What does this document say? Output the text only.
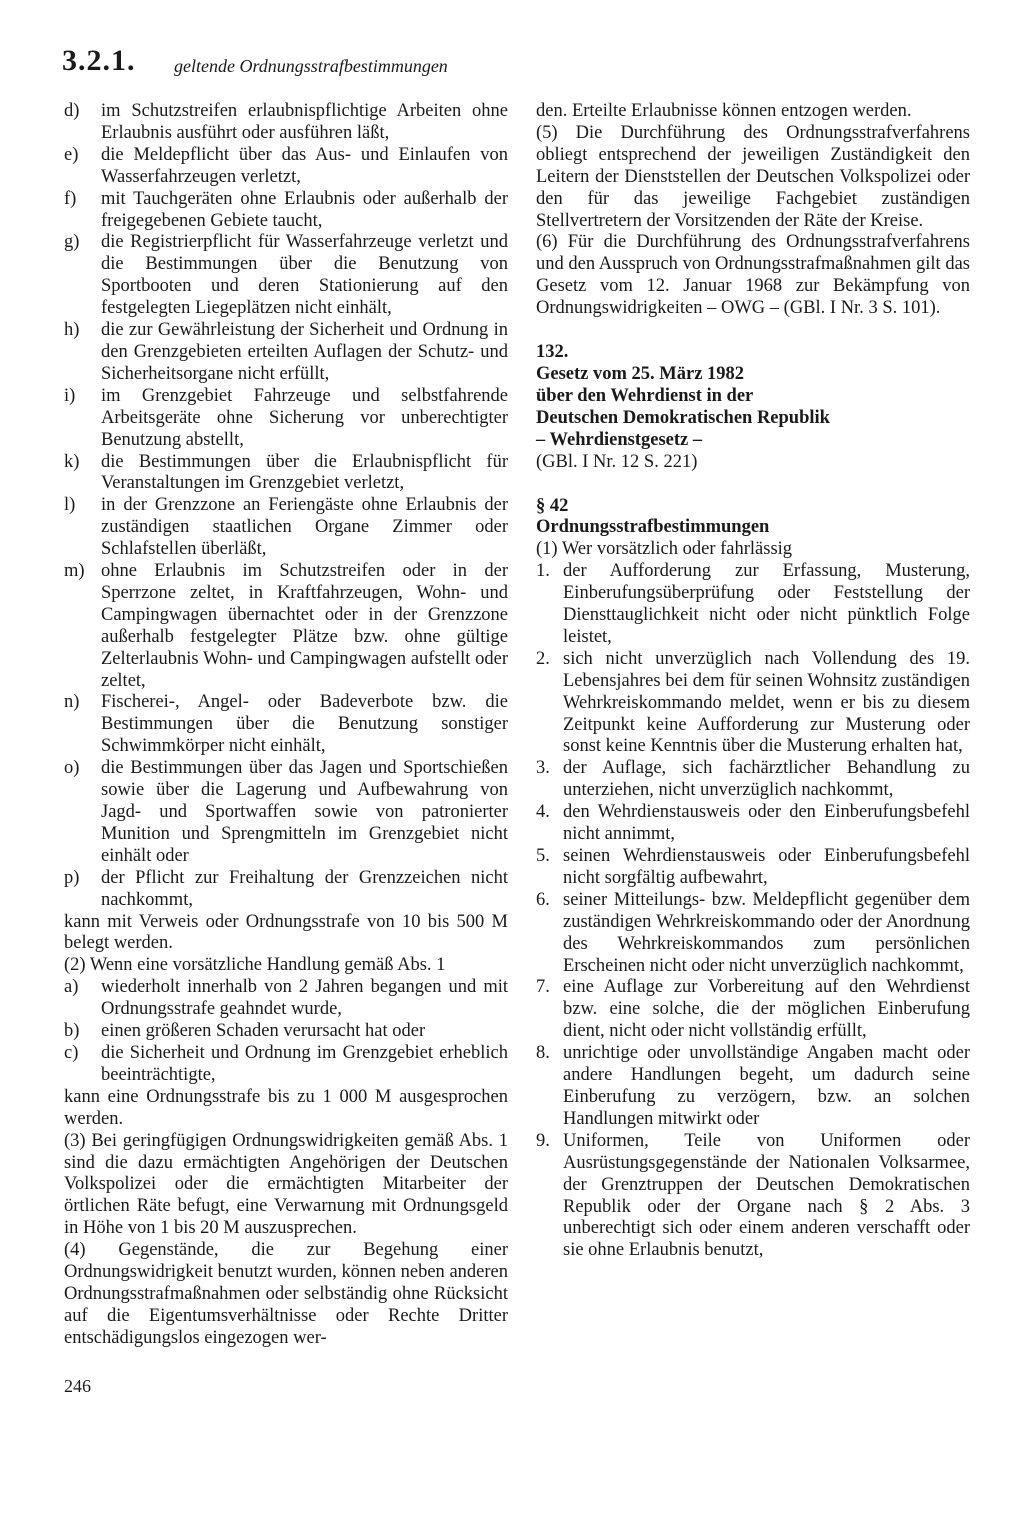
3.2.1. geltende Ordnungsstrafbestimmungen
d)	im Schutzstreifen erlaubnispflichtige Arbeiten ohne Erlaubnis ausführt oder ausführen läßt,
e)	die Meldepflicht über das Aus- und Einlaufen von Wasserfahrzeugen verletzt,
f)	mit Tauchgeräten ohne Erlaubnis oder außerhalb der freigegebenen Gebiete taucht,
g)	die Registrierpflicht für Wasserfahrzeuge verletzt und die Bestimmungen über die Benutzung von Sportbooten und deren Stationierung auf den festgelegten Liegeplätzen nicht einhält,
h)	die zur Gewährleistung der Sicherheit und Ordnung in den Grenzgebieten erteilten Auflagen der Schutz- und Sicherheitsorgane nicht erfüllt,
i)	im Grenzgebiet Fahrzeuge und selbstfahrende Arbeitsgeräte ohne Sicherung vor unberechtigter Benutzung abstellt,
k)	die Bestimmungen über die Erlaubnispflicht für Veranstaltungen im Grenzgebiet verletzt,
l)	in der Grenzzone an Feriengäste ohne Erlaubnis der zuständigen staatlichen Organe Zimmer oder Schlafstellen überläßt,
m) ohne Erlaubnis im Schutzstreifen oder in der Sperrzone zeltet, in Kraftfahrzeugen, Wohn- und Campingwagen übernachtet oder in der Grenzzone außerhalb festgelegter Plätze bzw. ohne gültige Zelterlaubnis Wohn- und Campingwagen aufstellt oder zeltet,
n)	Fischerei-, Angel- oder Badeverbote bzw. die Bestimmungen über die Benutzung sonstiger Schwimmkörper nicht einhält,
o)	die Bestimmungen über das Jagen und Sportschießen sowie über die Lagerung und Aufbewahrung von Jagd- und Sportwaffen sowie von patronierter Munition und Sprengmitteln im Grenzgebiet nicht einhält oder
p)	der Pflicht zur Freihaltung der Grenzzeichen nicht nachkommt,

kann mit Verweis oder Ordnungsstrafe von 10 bis 500 M belegt werden.

(2) Wenn eine vorsätzliche Handlung gemäß Abs. 1

a)	wiederholt innerhalb von 2 Jahren begangen und mit Ordnungsstrafe geahndet wurde,
b)	einen größeren Schaden verursacht hat oder
c)	die Sicherheit und Ordnung im Grenzgebiet erheblich beeinträchtigte,

kann eine Ordnungsstrafe bis zu 1 000 M ausgesprochen werden.

(3) Bei geringfügigen Ordnungswidrigkeiten gemäß Abs. 1 sind die dazu ermächtigten Angehörigen der Deutschen Volkspolizei oder die ermächtigten Mitarbeiter der örtlichen Räte befugt, eine Verwarnung mit Ordnungsgeld in Höhe von 1 bis 20 M auszusprechen.

(4) Gegenstände, die zur Begehung einer Ordnungswidrigkeit benutzt wurden, können neben anderen Ordnungsstrafmaßnahmen oder selbständig ohne Rücksicht auf die Eigentumsverhältnisse oder Rechte Dritter entschädigungslos eingezogen wer-

den. Erteilte Erlaubnisse können entzogen werden.

(5) Die Durchführung des Ordnungsstrafverfahrens obliegt entsprechend der jeweiligen Zuständigkeit den Leitern der Dienststellen der Deutschen Volkspolizei oder den für das jeweilige Fachgebiet zuständigen Stellvertretern der Vorsitzenden der Räte der Kreise.

(6) Für die Durchführung des Ordnungsstrafverfahrens und den Ausspruch von Ordnungsstrafmaßnahmen gilt das Gesetz vom 12. Januar 1968 zur Bekämpfung von Ordnungswidrigkeiten – OWG – (GBl. I Nr. 3 S. 101).

132.
Gesetz vom 25. März 1982
über den Wehrdienst in der
Deutschen Demokratischen Republik
– Wehrdienstgesetz –
(GBl. I Nr. 12 S. 221)
§ 42
Ordnungsstrafbestimmungen
(1) Wer vorsätzlich oder fahrlässig
1. der Aufforderung zur Erfassung, Musterung, Einberufungsüberprüfung oder Feststellung der Diensttauglichkeit nicht oder nicht pünktlich Folge leistet,
2. sich nicht unverzüglich nach Vollendung des 19. Lebensjahres bei dem für seinen Wohnsitz zuständigen Wehrkreiskommando meldet, wenn er bis zu diesem Zeitpunkt keine Aufforderung zur Musterung oder sonst keine Kenntnis über die Musterung erhalten hat,
3. der Auflage, sich fachärztlicher Behandlung zu unterziehen, nicht unverzüglich nachkommt,
4. den Wehrdienstausweis oder den Einberufungsbefehl nicht annimmt,
5. seinen Wehrdienstausweis oder Einberufungsbefehl nicht sorgfältig aufbewahrt,
6. seiner Mitteilungs- bzw. Meldepflicht gegenüber dem zuständigen Wehrkreiskommando oder der Anordnung des Wehrkreiskommandos zum persönlichen Erscheinen nicht oder nicht unverzüglich nachkommt,
7. eine Auflage zur Vorbereitung auf den Wehrdienst bzw. eine solche, die der möglichen Einberufung dient, nicht oder nicht vollständig erfüllt,
8. unrichtige oder unvollständige Angaben macht oder andere Handlungen begeht, um dadurch seine Einberufung zu verzögern, bzw. an solchen Handlungen mitwirkt oder
9. Uniformen, Teile von Uniformen oder Ausrüstungsgegenstände der Nationalen Volksarmee, der Grenztruppen der Deutschen Demokratischen Republik oder der Organe nach § 2 Abs. 3 unberechtigt sich oder einem anderen verschafft oder sie ohne Erlaubnis benutzt,
246
